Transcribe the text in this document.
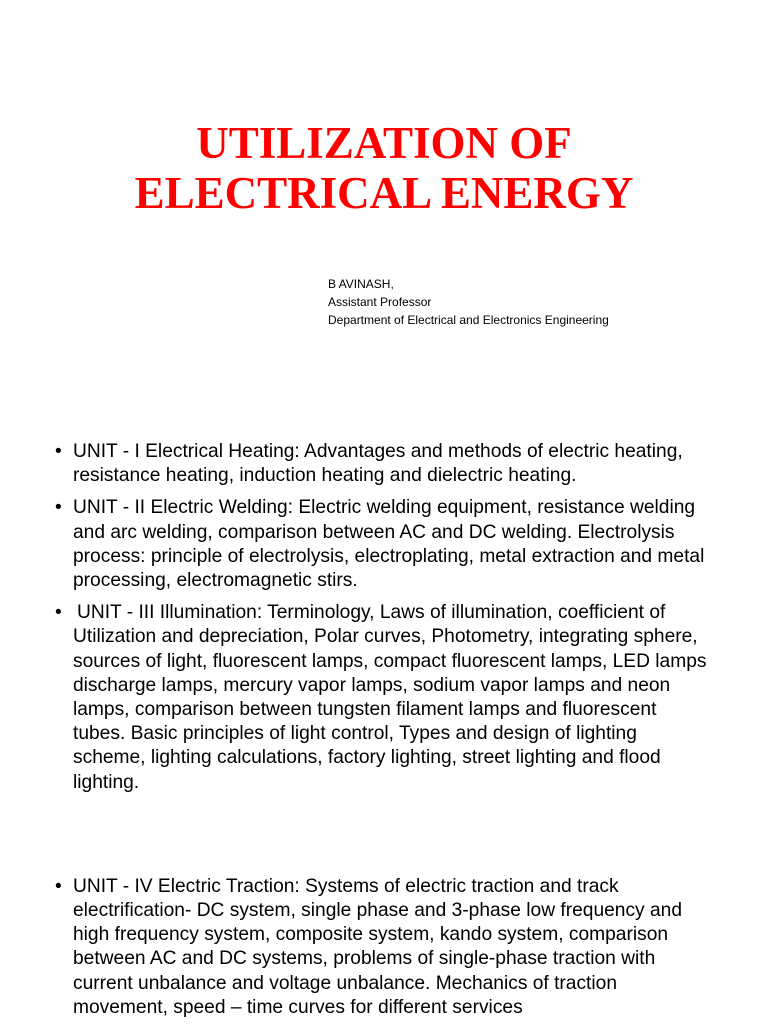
UTILIZATION OF
ELECTRICAL ENERGY
B AVINASH,
Assistant Professor
Department of Electrical and Electronics Engineering
• UNIT - I Electrical Heating: Advantages and methods of electric heating, resistance heating, induction heating and dielectric heating.
• UNIT - II Electric Welding: Electric welding equipment, resistance welding and arc welding, comparison between AC and DC welding. Electrolysis process: principle of electrolysis, electroplating, metal extraction and metal processing, electromagnetic stirs.
• UNIT - III Illumination: Terminology, Laws of illumination, coefficient of Utilization and depreciation, Polar curves, Photometry, integrating sphere, sources of light, fluorescent lamps, compact fluorescent lamps, LED lamps discharge lamps, mercury vapor lamps, sodium vapor lamps and neon lamps, comparison between tungsten filament lamps and fluorescent tubes. Basic principles of light control, Types and design of lighting scheme, lighting calculations, factory lighting, street lighting and flood lighting.
• UNIT - IV Electric Traction: Systems of electric traction and track electrification- DC system, single phase and 3-phase low frequency and high frequency system, composite system, kando system, comparison between AC and DC systems, problems of single-phase traction with current unbalance and voltage unbalance. Mechanics of traction movement, speed – time curves for different services
